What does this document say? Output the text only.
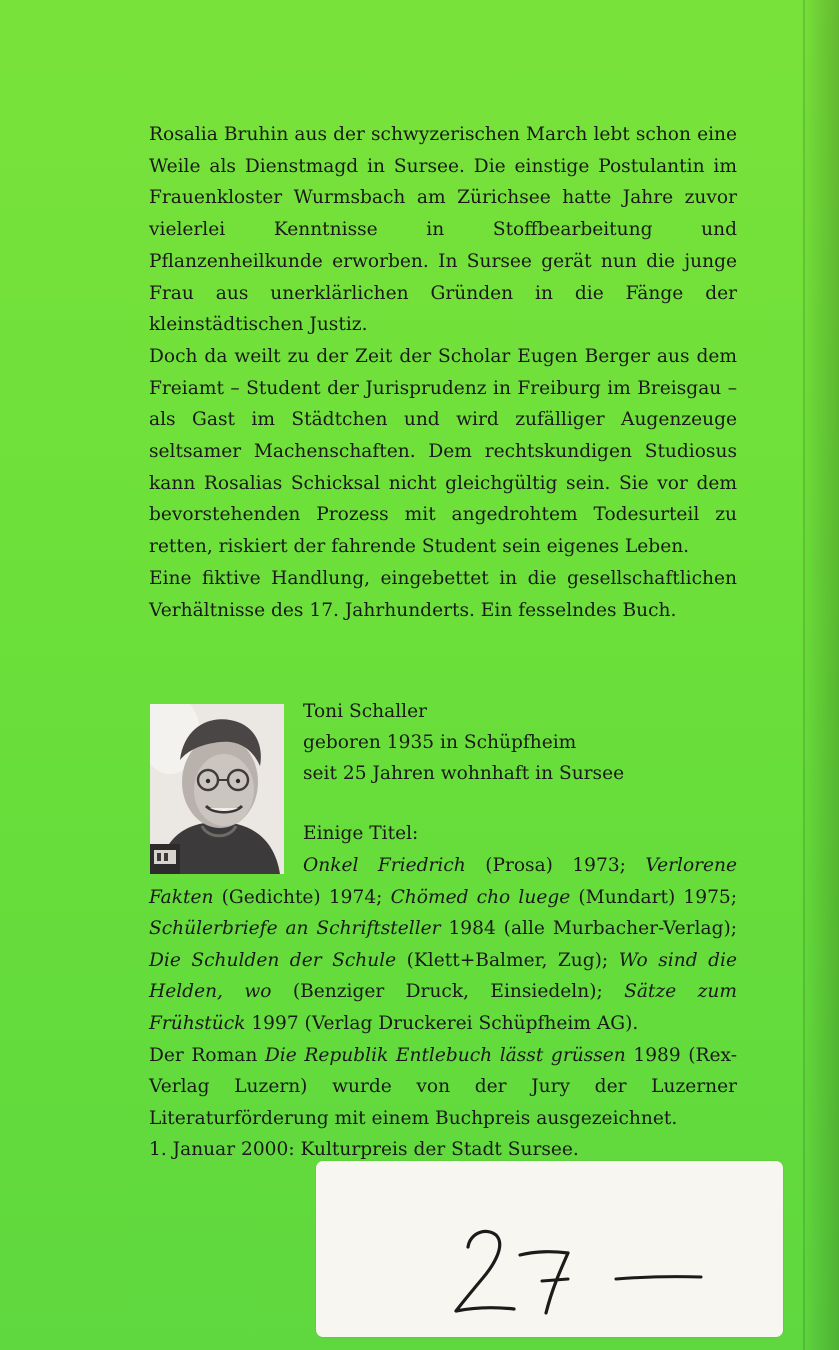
Rosalia Bruhin aus der schwyzerischen March lebt schon eine Weile als Dienstmagd in Sursee. Die einstige Postulantin im Frauenkloster Wurmsbach am Zürichsee hatte Jahre zuvor vielerlei Kenntnisse in Stoffbearbeitung und Pflanzenheilkunde erworben. In Sursee gerät nun die junge Frau aus unerklärlichen Gründen in die Fänge der kleinstädtischen Justiz.

Doch da weilt zu der Zeit der Scholar Eugen Berger aus dem Freiamt – Student der Jurisprudenz in Freiburg im Breisgau – als Gast im Städtchen und wird zufälliger Augenzeuge seltsamer Machenschaften. Dem rechtskundigen Studiosus kann Rosalias Schicksal nicht gleichgültig sein. Sie vor dem bevorstehenden Prozess mit angedrohtem Todesurteil zu retten, riskiert der fahrende Student sein eigenes Leben.

Eine fiktive Handlung, eingebettet in die gesellschaftlichen Verhältnisse des 17. Jahrhunderts. Ein fesselndes Buch.

Toni Schaller
geboren 1935 in Schüpfheim
seit 25 Jahren wohnhaft in Sursee
Einige Titel:

Onkel Friedrich (Prosa) 1973; Verlorene Fakten (Gedichte) 1974; Chömed cho luege (Mundart) 1975; Schülerbriefe an Schriftsteller 1984 (alle Murbacher-Verlag); Die Schulden der Schule (Klett+Balmer, Zug); Wo sind die Helden, wo (Benziger Druck, Einsiedeln); Sätze zum Frühstück 1997 (Verlag Druckerei Schüpfheim AG).

Der Roman Die Republik Entlebuch lässt grüssen 1989 (Rex-Verlag Luzern) wurde von der Jury der Luzerner Literaturförderung mit einem Buchpreis ausgezeichnet.

1. Januar 2000: Kulturpreis der Stadt Sursee.
